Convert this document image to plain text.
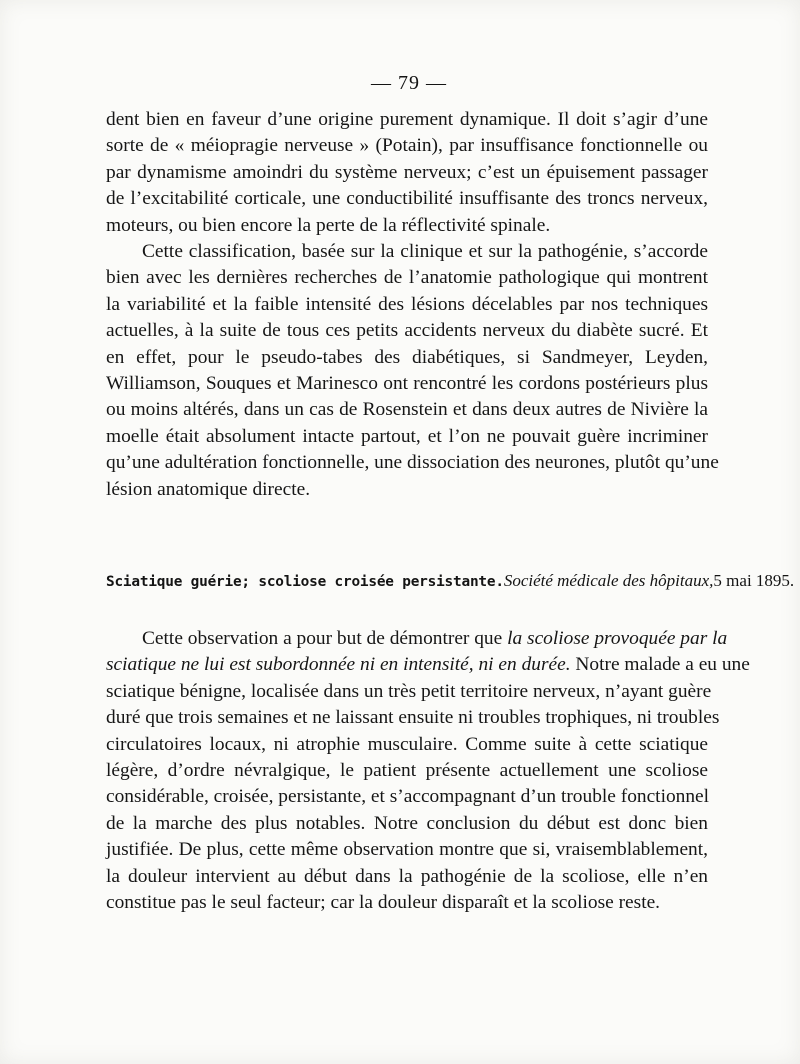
— 79 —
dent bien en faveur d’une origine purement dynamique. Il doit s’agir d’une
sorte de « méiopragie nerveuse » (Potain), par insuffisance fonctionnelle ou
par dynamisme amoindri du système nerveux; c’est un épuisement passager
de l’excitabilité corticale, une conductibilité insuffisante des troncs nerveux,
moteurs, ou bien encore la perte de la réflectivité spinale.
Cette classification, basée sur la clinique et sur la pathogénie, s’accorde
bien avec les dernières recherches de l’anatomie pathologique qui montrent
la variabilité et la faible intensité des lésions décelables par nos techniques
actuelles, à la suite de tous ces petits accidents nerveux du diabète sucré. Et
en effet, pour le pseudo-tabes des diabétiques, si Sandmeyer, Leyden,
Williamson, Souques et Marinesco ont rencontré les cordons postérieurs plus
ou moins altérés, dans un cas de Rosenstein et dans deux autres de Nivière la
moelle était absolument intacte partout, et l’on ne pouvait guère incriminer
qu’une adultération fonctionnelle, une dissociation des neurones, plutôt qu’une
lésion anatomique directe.
Sciatique guérie; scoliose croisée persistante. Société médicale des hôpitaux, 5 mai 1895.
Cette observation a pour but de démontrer que la scoliose provoquée par la
sciatique ne lui est subordonnée ni en intensité, ni en durée. Notre malade a eu une
sciatique bénigne, localisée dans un très petit territoire nerveux, n’ayant guère
duré que trois semaines et ne laissant ensuite ni troubles trophiques, ni troubles
circulatoires locaux, ni atrophie musculaire. Comme suite à cette sciatique
légère, d’ordre névralgique, le patient présente actuellement une scoliose
considérable, croisée, persistante, et s’accompagnant d’un trouble fonctionnel
de la marche des plus notables. Notre conclusion du début est donc bien
justifiée. De plus, cette même observation montre que si, vraisemblablement,
la douleur intervient au début dans la pathogénie de la scoliose, elle n’en
constitue pas le seul facteur; car la douleur disparaît et la scoliose reste.
